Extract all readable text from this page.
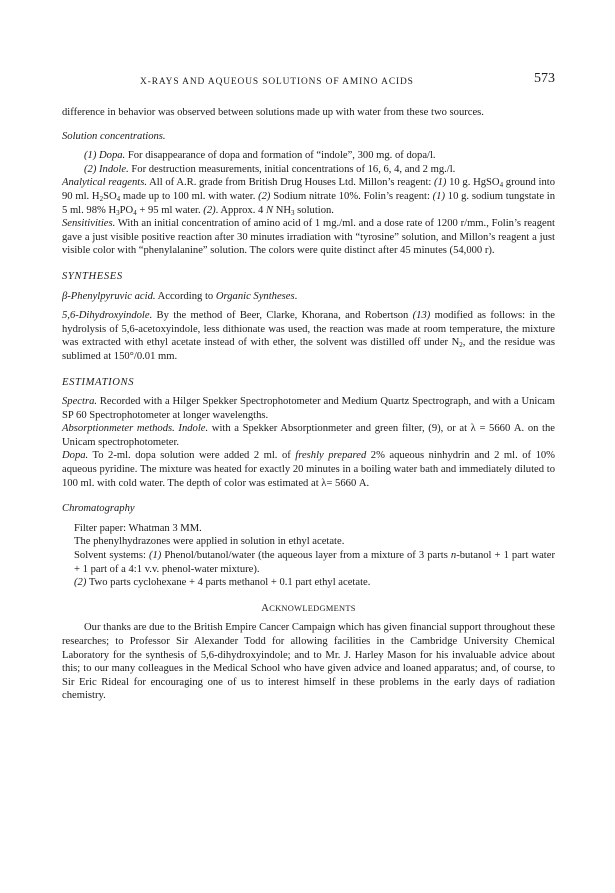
X-RAYS AND AQUEOUS SOLUTIONS OF AMINO ACIDS	573

difference in behavior was observed between solutions made up with water from these two sources.

Solution concentrations.

(1) Dopa. For disappearance of dopa and formation of “indole”, 300 mg. of dopa/l.

(2) Indole. For destruction measurements, initial concentrations of 16, 6, 4, and 2 mg./l.

Analytical reagents. All of A.R. grade from British Drug Houses Ltd. Millon’s reagent: (1) 10 g. HgSO$_4$ ground into 90 ml. $H_2SO_4$ made up to 100 ml. with water. (2) Sodium nitrate 10%. Folin’s reagent: (1) 10 g. sodium tungstate in 5 ml. 98% $H_3PO_4 + 95$ ml water. (2). Approx. 4 N $NH_3$ solution.

Sensitivities. With an initial concentration of amino acid of 1 mg./ml. and a dose rate of 1200 r/mm., Folin’s reagent gave a just visible positive reaction after 30 minutes irradiation with “tyrosine” solution, and Millon’s reagent a just visible color with “phenylalanine” solution. The colors were quite distinct after 45 minutes (54,000 r).

SYNTHESES

β-Phenylpyruvic acid. According to Organic Syntheses.

5,6-Dihydroxyindole. By the method of Beer, Clarke, Khorana, and Robertson (13) modified as follows: in the hydrolysis of 5,6-acetoxyindole, less dithionate was used, the reaction was made at room temperature, the mixture was extracted with ethyl acetate instead of with ether, the solvent was distilled off under $N_2$, and the residue was sublimed at 150°/0.01 mm.

ESTIMATIONS

Spectra. Recorded with a Hilger Spekker Spectrophotometer and Medium Quartz Spectrograph, and with a Unicam SP 60 Spectrophotometer at longer wavelengths.

Absorptionmeter methods. Indole. with a Spekker Absorptionmeter and green filter, (9), or at λ = 5660 A. on the Unicam spectrophotometer.

Dopa. To 2-ml. dopa solution were added 2 ml. of freshly prepared 2% aqueous ninhydrin and 2 ml. of 10% aqueous pyridine. The mixture was heated for exactly 20 minutes in a boiling water bath and immediately diluted to 100 ml. with cold water. The depth of color was estimated at λ= 5660 A.

Chromatography

Filter paper: Whatman 3 MM.

The phenylhydrazones were applied in solution in ethyl acetate.

Solvent systems: (1) Phenol/butanol/water (the aqueous layer from a mixture of 3 parts n-butanol + 1 part water + 1 part of a 4:1 v.v. phenol-water mixture).

(2) Two parts cyclohexane + 4 parts methanol + 0.1 part ethyl acetate.

ACKNOWLEDGMENTS

Our thanks are due to the British Empire Cancer Campaign which has given financial support throughout these researches; to Professor Sir Alexander Todd for allowing facilities in the Cambridge University Chemical Laboratory for the synthesis of 5,6-dihydroxyindole; and to Mr. J. Harley Mason for his invaluable advice about this; to our many colleagues in the Medical School who have given advice and loaned apparatus; and, of course, to Sir Eric Rideal for encouraging one of us to interest himself in these problems in the early days of radiation chemistry.
